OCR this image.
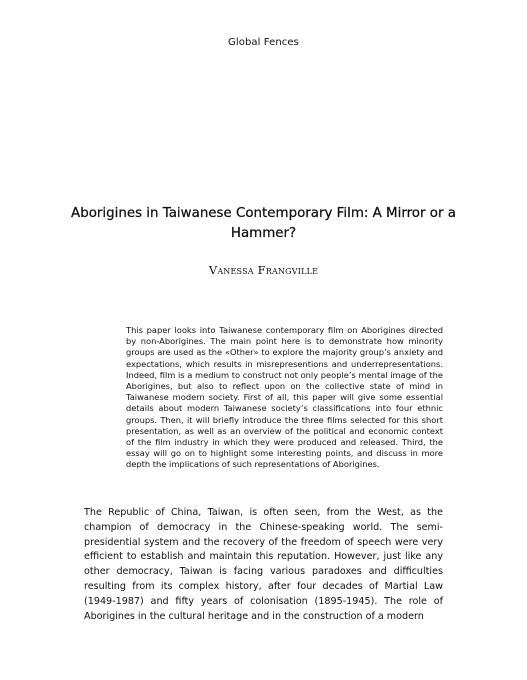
Global Fences
Aborigines in Taiwanese Contemporary Film: A Mirror or a Hammer?
Vanessa Frangville

This paper looks into Taiwanese contemporary film on Aborigines directed by non-Aborigines. The main point here is to demonstrate how minority groups are used as the «Other» to explore the majority group’s anxiety and expectations, which results in misrepresentions and underrepresentations. Indeed, film is a medium to construct not only people’s mental image of the Aborigines, but also to reflect upon on the collective state of mind in Taiwanese modern society. First of all, this paper will give some essential details about modern Taiwanese society’s classifications into four ethnic groups. Then, it will briefly introduce the three films selected for this short presentation, as well as an overview of the political and economic context of the film industry in which they were produced and released. Third, the essay will go on to highlight some interesting points, and discuss in more depth the implications of such representations of Aborigines.

The Republic of China, Taiwan, is often seen, from the West, as the champion of democracy in the Chinese-speaking world. The semi-presidential system and the recovery of the freedom of speech were very efficient to establish and maintain this reputation. However, just like any other democracy, Taiwan is facing various paradoxes and difficulties resulting from its complex history, after four decades of Martial Law (1949-1987) and fifty years of colonisation (1895-1945). The role of Aborigines in the cultural heritage and in the construction of a modern
